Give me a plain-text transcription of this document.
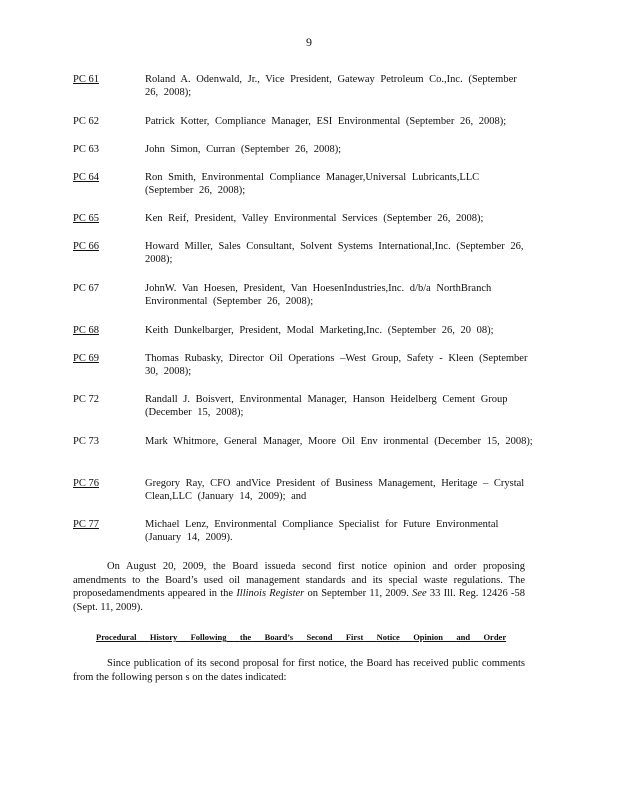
9
PC 61	Roland A. Odenwald, Jr., Vice President, Gateway Petroleum Co.,Inc. (September 26, 2008);
PC 62	Patrick Kotter, Compliance Manager, ESI Environmental (September 26, 2008);
PC 63	John Simon, Curran (September 26, 2008);
PC 64	Ron Smith, Environmental Compliance Manager,Universal Lubricants,LLC (September 26, 2008);
PC 65	Ken Reif, President, Valley Environmental Services (September 26, 2008);
PC 66	Howard Miller, Sales Consultant, Solvent Systems International,Inc. (September 26, 2008);
PC 67	JohnW. Van Hoesen, President, Van HoesenIndustries,Inc. d/b/a NorthBranch Environmental (September 26, 2008);
PC 68	Keith Dunkelbarger, President, Modal Marketing,Inc. (September 26, 20 08);
PC 69	Thomas Rubasky, Director Oil Operations –West Group, Safety - Kleen (September 30, 2008);
PC 72	Randall J. Boisvert, Environmental Manager, Hanson Heidelberg Cement Group (December 15, 2008);
PC 73	Mark Whitmore, General Manager, Moore Oil Env ironmental (December 15, 2008);
PC 76	Gregory Ray, CFO andVice President of Business Management, Heritage – Crystal Clean,LLC (January 14, 2009); and
PC 77	Michael Lenz, Environmental Compliance Specialist for Future Environmental (January 14, 2009).
On August 20, 2009, the Board issueda second first notice opinion and order proposing amendments to the Board’s used oil management standards and its special waste regulations. The proposedamendments appeared in the Illinois Register on September 11, 2009. See 33 Ill. Reg. 12426 -58 (Sept. 11, 2009).
Procedural History Following the Board’s Second First Notice Opinion and Order
Since publication of its second proposal for first notice, the Board has received public comments from the following person s on the dates indicated:
